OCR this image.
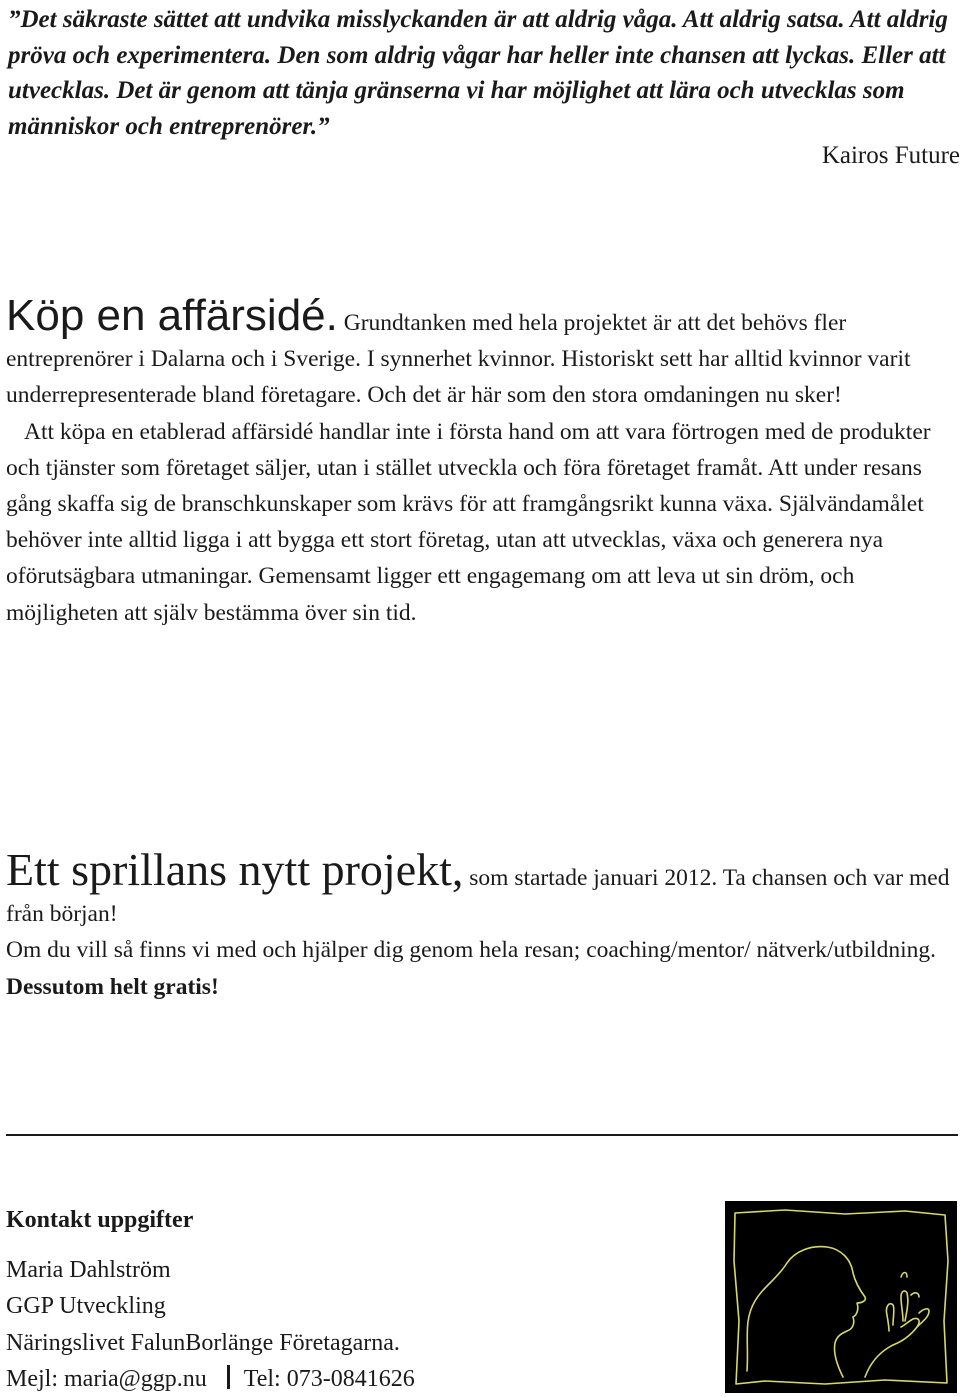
”Det säkraste sättet att undvika misslyckanden är att aldrig våga. Att aldrig satsa. Att aldrig pröva och experimentera. Den som aldrig vågar har heller inte chansen att lyckas. Eller att utvecklas. Det är genom att tänja gränserna vi har möjlighet att lära och utvecklas som människor och entreprenörer.”
Kairos Future
Köp en affärsidé. Grundtanken med hela projektet är att det behövs fler entreprenörer i Dalarna och i Sverige. I synnerhet kvinnor. Historiskt sett har alltid kvinnor varit underrepresenterade bland företagare. Och det är här som den stora omdaningen nu sker!

Att köpa en etablerad affärsidé handlar inte i första hand om att vara förtrogen med de produkter och tjänster som företaget säljer, utan i stället utveckla och föra företaget framåt. Att under resans gång skaffa sig de branschkunskaper som krävs för att framgångsrikt kunna växa. Självändamålet behöver inte alltid ligga i att bygga ett stort företag, utan att utvecklas, växa och generera nya oförutsägbara utmaningar. Gemensamt ligger ett engagemang om att leva ut sin dröm, och möjligheten att själv bestämma över sin tid.

Ett sprillans nytt projekt, som startade januari 2012. Ta chansen och var med från början!
Om du vill så finns vi med och hjälper dig genom hela resan; coaching/mentor/ nätverk/utbildning.
Dessutom helt gratis!
Kontakt uppgifter
Maria Dahlström
GGP Utveckling
Näringslivet FalunBorlänge Företagarna.
Mejl: maria@ggp.nu Tel: 073-0841626
